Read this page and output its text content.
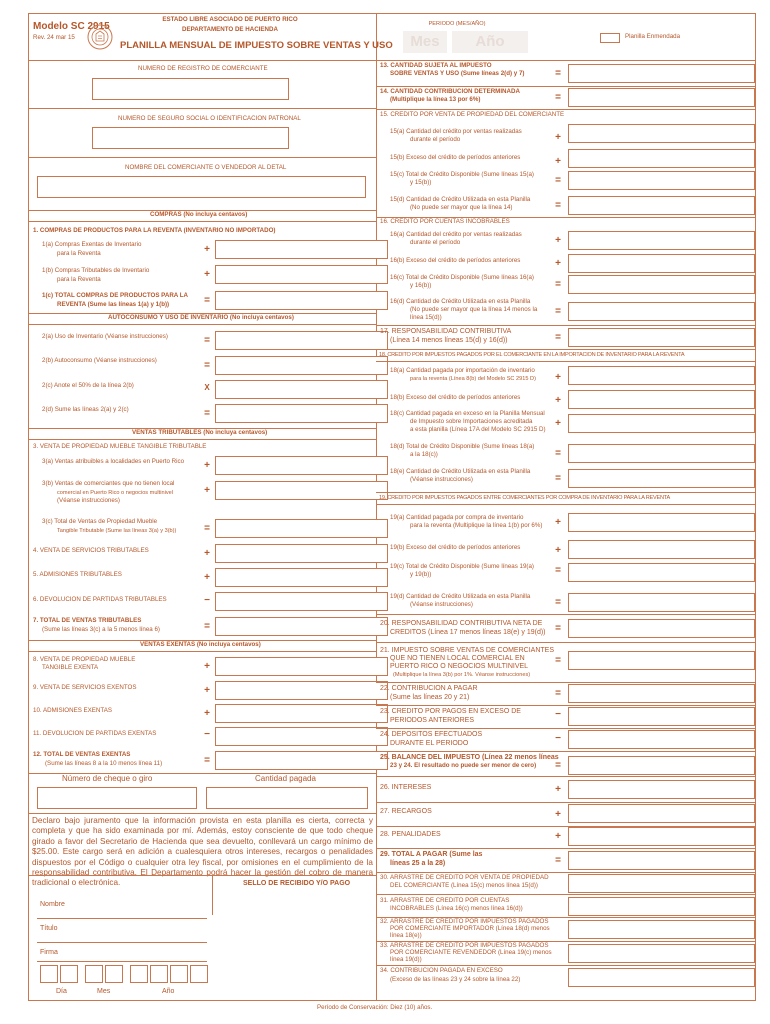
Modelo SC 2915
Rev. 24 mar 15
ESTADO LIBRE ASOCIADO DE PUERTO RICO
DEPARTAMENTO DE HACIENDA
PLANILLA MENSUAL DE IMPUESTO SOBRE VENTAS Y USO
PERIODO (MES/AÑO)
Mes	Año	Planilla Enmendada
NUMERO DE REGISTRO DE COMERCIANTE
NUMERO DE SEGURO SOCIAL O IDENTIFICACION PATRONAL
NOMBRE DEL COMERCIANTE O VENDEDOR AL DETAL
COMPRAS (No incluya centavos)
1. COMPRAS DE PRODUCTOS PARA LA REVENTA (INVENTARIO NO IMPORTADO)
1(a) Compras Exentas de Inventario
para la Reventa	+
1(b) Compras Tributables de Inventario
para la Reventa	+
1(c) TOTAL COMPRAS DE PRODUCTOS PARA LA
REVENTA (Sume las líneas 1(a) y 1(b))	=
AUTOCONSUMO Y USO DE INVENTARIO (No incluya centavos)
2(a) Uso de Inventario (Véanse instrucciones)	=
2(b) Autoconsumo (Véanse instrucciones)	=
2(c) Anote el 50% de la línea 2(b)	X
2(d) Sume las líneas 2(a) y 2(c)	=
VENTAS TRIBUTABLES (No incluya centavos)
3. VENTA DE PROPIEDAD MUEBLE TANGIBLE TRIBUTABLE
3(a) Ventas atribuibles a localidades en Puerto Rico +
3(b) Ventas de comerciantes que no tienen local
comercial en Puerto Rico o negocios multinivel
(Véanse instrucciones)
+
3(c) Total de Ventas de Propiedad Mueble
Tangible Tributable (Sume las líneas 3(a) y 3(b))	=
4. VENTA DE SERVICIOS TRIBUTABLES	+
5. ADMISIONES TRIBUTABLES	+
6. DEVOLUCION DE PARTIDAS TRIBUTABLES	−
7. TOTAL DE VENTAS TRIBUTABLES
(Sume las líneas 3(c) a la 5 menos línea 6)	=
VENTAS EXENTAS (No incluya centavos)
8. VENTA DE PROPIEDAD MUEBLE
TANGIBLE EXENTA	+
9. VENTA DE SERVICIOS EXENTOS	+
10. ADMISIONES EXENTAS	+
11. DEVOLUCION DE PARTIDAS EXENTAS	−
12. TOTAL DE VENTAS EXENTAS
(Sume las líneas 8 a la 10 menos línea 11)	=
Número de cheque o giro	Cantidad pagada
Declaro bajo juramento que la información provista en esta planilla es cierta, correcta y completa y que ha sido examinada por mí. Además, estoy consciente de que todo cheque girado a favor del Secretario de Hacienda que sea devuelto, conllevará un cargo mínimo de $25.00. Este cargo será en adición a cualesquiera otros intereses, recargos o penalidades dispuestos por el Código o cualquier otra ley fiscal, por omisiones en el cumplimiento de la responsabilidad contributiva. El Departamento podrá hacer la gestión del cobro de manera tradicional o electrónica.	SELLO DE RECIBIDO Y/O PAGO
Nombre
Título
Firma
Día	Mes	Año
13. CANTIDAD SUJETA AL IMPUESTO
SOBRE VENTAS Y USO (Sume líneas 2(d) y 7)	=
14. CANTIDAD CONTRIBUCION DETERMINADA
(Multiplique la línea 13 por 6%)	=
15. CREDITO POR VENTA DE PROPIEDAD DEL COMERCIANTE
15(a) Cantidad del crédito por ventas realizadas
durante el período	+
15(b) Exceso del crédito de períodos anteriores	+
15(c) Total de Crédito Disponible (Sume líneas 15(a)
y 15(b))	=
15(d) Cantidad de Crédito Utilizada en esta Planilla
(No puede ser mayor que la línea 14)	=
16. CREDITO POR CUENTAS INCOBRABLES
16(a) Cantidad del crédito por ventas realizadas
durante el período	+
16(b) Exceso del crédito de períodos anteriores	+
16(c) Total de Crédito Disponible (Sume líneas 16(a)
y 16(b))	=
16(d) Cantidad de Crédito Utilizada en esta Planilla
(No puede ser mayor que la línea 14 menos la
línea 15(d))
=
17. RESPONSABILIDAD CONTRIBUTIVA
(Línea 14 menos líneas 15(d) y 16(d))	=
18. CREDITO POR IMPUESTOS PAGADOS POR EL COMERCIANTE EN LA IMPORTACION DE INVENTARIO PARA LA REVENTA
18(a) Cantidad pagada por importación de inventario
para la reventa (Línea 8(b) del Modelo SC 2915 D) +
18(b) Exceso del crédito de períodos anteriores	+
18(c) Cantidad pagada en exceso en la Planilla Mensual
de Impuesto sobre Importaciones acreditada
a esta planilla (Línea 17A del Modelo SC 2915 D)
+
18(d) Total de Crédito Disponible (Sume líneas 18(a)
a la 18(c))	=
18(e) Cantidad de Crédito Utilizada en esta Planilla
(Véanse instrucciones)	=
19. CREDITO POR IMPUESTOS PAGADOS ENTRE COMERCIANTES POR COMPRA DE INVENTARIO PARA LA REVENTA
19(a) Cantidad pagada por compra de inventario
para la reventa (Multiplique la línea 1(b) por 6%) +
19(b) Exceso del crédito de períodos anteriores	+
19(c) Total de Crédito Disponible (Sume líneas 19(a)
y 19(b))	=
19(d) Cantidad de Crédito Utilizada en esta Planilla
(Véanse instrucciones)	=
20. RESPONSABILIDAD CONTRIBUTIVA NETA DE
CREDITOS (Línea 17 menos líneas 18(e) y 19(d)) =
21. IMPUESTO SOBRE VENTAS DE COMERCIANTES
QUE NO TIENEN LOCAL COMERCIAL EN
PUERTO RICO O NEGOCIOS MULTINIVEL
(Multiplique la línea 3(b) por 1%. Véanse instrucciones)
=
22. CONTRIBUCION A PAGAR
(Sume las líneas 20 y 21)	=
23. CREDITO POR PAGOS EN EXCESO DE
PERIODOS ANTERIORES
−
24. DEPOSITOS EFECTUADOS
DURANTE EL PERIODO	−
25. BALANCE DEL IMPUESTO (Línea 22 menos líneas
23 y 24. El resultado no puede ser menor de cero) =
26. INTERESES	+
27. RECARGOS	+
28. PENALIDADES	+
29. TOTAL A PAGAR (Sume las
líneas 25 a la 28)	=
30. ARRASTRE DE CREDITO POR VENTA DE PROPIEDAD
DEL COMERCIANTE (Línea 15(c) menos línea 15(d))
31. ARRASTRE DE CREDITO POR CUENTAS
INCOBRABLES (Línea 16(c) menos línea 16(d))
32. ARRASTRE DE CREDITO POR IMPUESTOS PAGADOS
POR COMERCIANTE IMPORTADOR (Línea 18(d) menos
línea 18(e))
33. ARRASTRE DE CREDITO POR IMPUESTOS PAGADOS
POR COMERCIANTE REVENDEDOR (Línea 19(c) menos
línea 19(d))
34. CONTRIBUCION PAGADA EN EXCESO
(Exceso de las líneas 23 y 24 sobre la línea 22)
Período de Conservación: Diez (10) años.
